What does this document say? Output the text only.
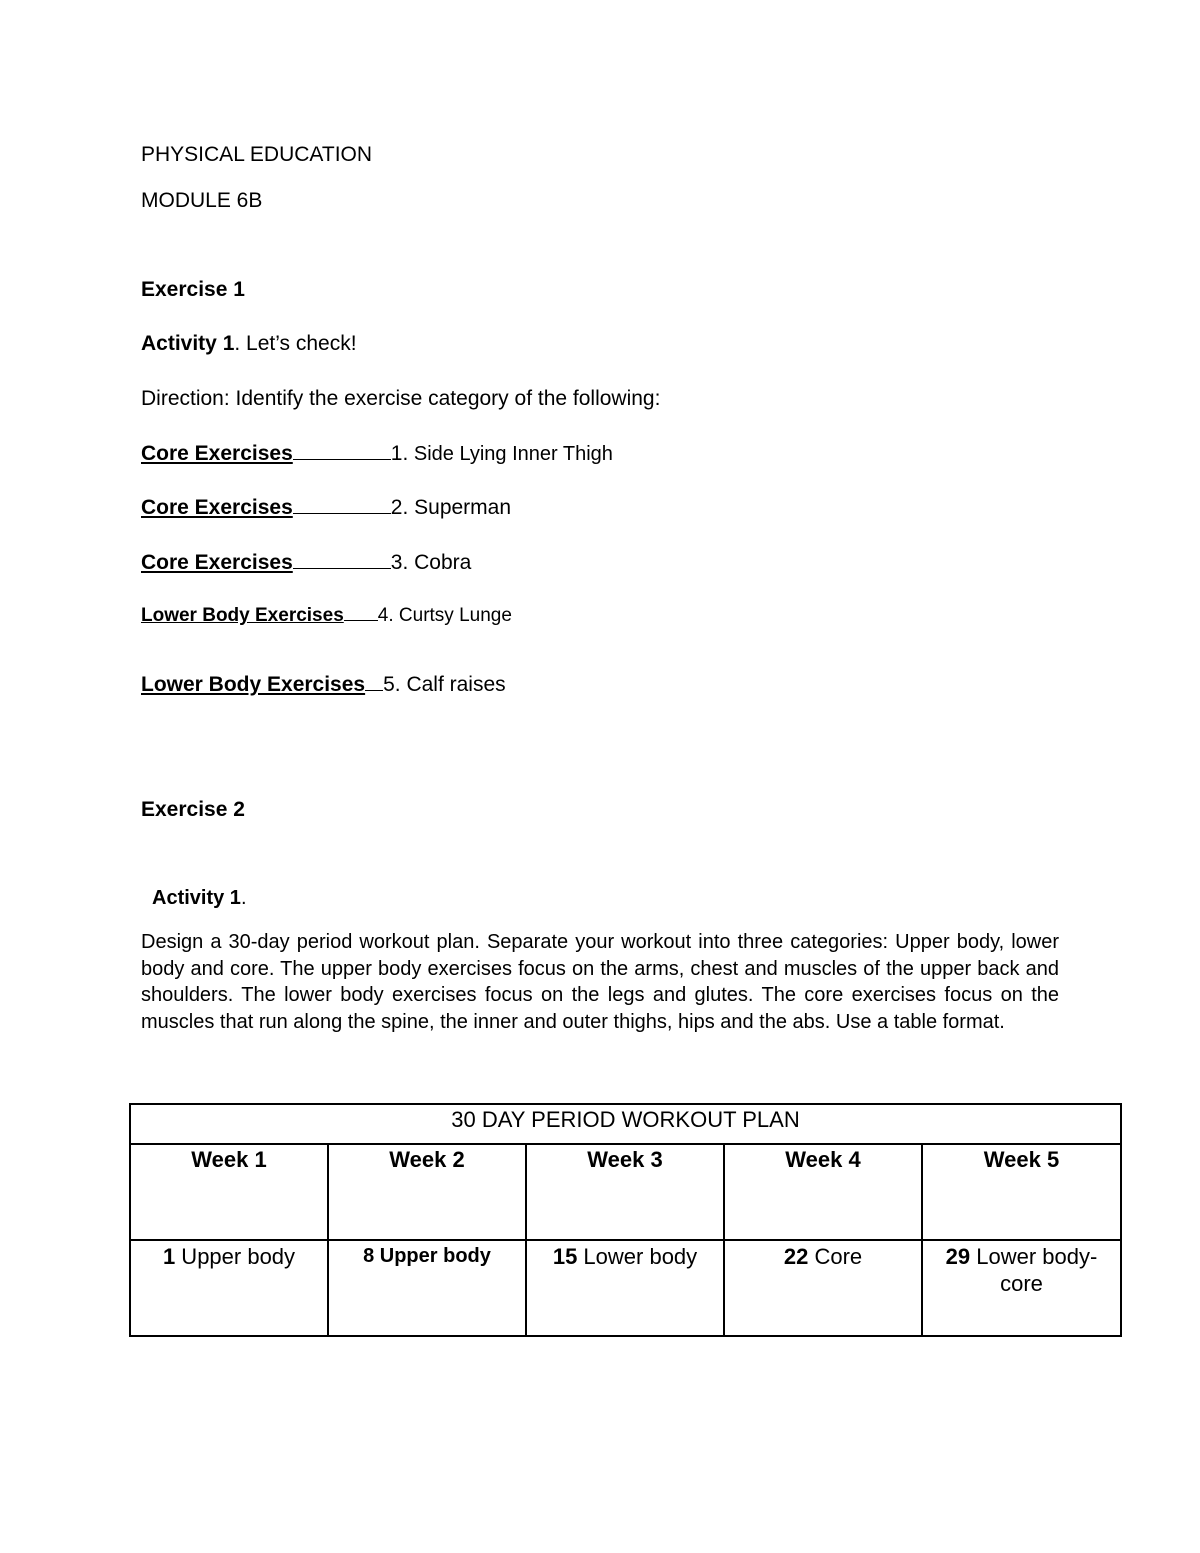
PHYSICAL EDUCATION
MODULE 6B
Exercise 1
Activity 1. Let’s check!
Direction: Identify the exercise category of the following:
Core Exercises	1. Side Lying Inner Thigh
Core Exercises	2. Superman
Core Exercises	3. Cobra
Lower Body Exercises 4. Curtsy Lunge
Lower Body Exercises 5. Calf raises
Exercise 2
Activity 1.
Design a 30-day period workout plan. Separate your workout into three categories: Upper body, lower body and core. The upper body exercises focus on the arms, chest and muscles of the upper back and shoulders. The lower body exercises focus on the legs and glutes. The core exercises focus on the muscles that run along the spine, the inner and outer thighs, hips and the abs. Use a table format.
30 DAY PERIOD WORKOUT PLAN				
Week 1	Week 2	Week 3	Week 4	Week 5
1 Upper body	8 Upper body	15 Lower body	22 Core	29 Lower body-core
